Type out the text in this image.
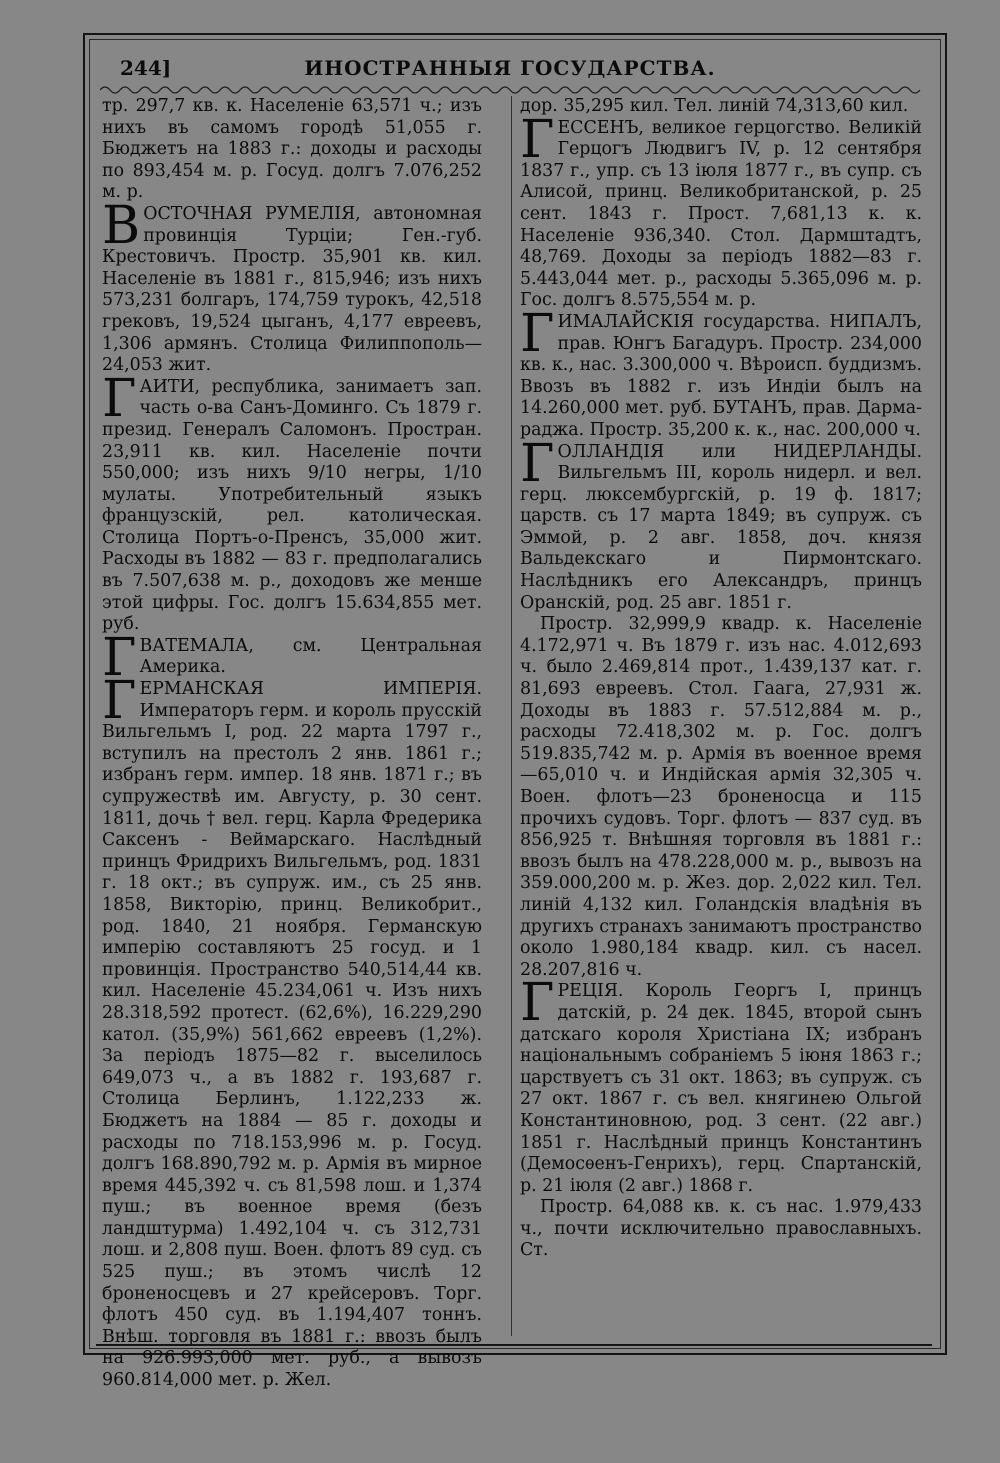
244]	ИНОСТРАННЫЯ ГОСУДАРСТВА.

тр. 297,7 кв. к. Населеніе 63,571 ч.; изъ нихъ въ самомъ городѣ 51,055 г. Бюджетъ на 1883 г.: доходы и расходы по 893,454 м. р. Госуд. долгъ 7.076,252 м. р.

ВОСТОЧНАЯ РУМЕЛІЯ, автономная провинція Турціи; Ген.-губ. Крестовичъ. Простр. 35,901 кв. кил. Населеніе въ 1881 г., 815,946; изъ нихъ 573,231 болгаръ, 174,759 турокъ, 42,518 грековъ, 19,524 цыганъ, 4,177 евреевъ, 1,306 армянъ. Столица Филиппополь—24,053 жит.

ГАИТИ, республика, занимаетъ зап. часть о-ва Санъ-Доминго. Съ 1879 г. презид. Генералъ Саломонъ. Простран. 23,911 кв. кил. Населеніе почти 550,000; изъ нихъ 9/10 негры, 1/10 мулаты. Употребительный языкъ французскій, рел. католическая. Столица Портъ-о-Пренсъ, 35,000 жит. Расходы въ 1882 — 83 г. предполагались въ 7.507,638 м. р., доходовъ же менше этой цифры. Гос. долгъ 15.634,855 мет. руб.

ГВАТЕМАЛА, см. Центральная Америка.

ГЕРМАНСКАЯ ИМПЕРІЯ. Императоръ герм. и король прусскій Вильгельмъ I, род. 22 марта 1797 г., вступилъ на престолъ 2 янв. 1861 г.; избранъ герм. импер. 18 янв. 1871 г.; въ супружествѣ им. Августу, р. 30 сент. 1811, дочь † вел. герц. Карла Фредерика Саксенъ - Веймарскаго. Наслѣдный принцъ Фридрихъ Вильгельмъ, род. 1831 г. 18 окт.; въ супруж. им., съ 25 янв. 1858, Викторію, принц. Великобрит., род. 1840, 21 ноября. Германскую имперію составляютъ 25 госуд. и 1 провинція. Пространство 540,514,44 кв. кил. Населеніе 45.234,061 ч. Изъ нихъ 28.318,592 протест. (62,6%), 16.229,290 катол. (35,9%) 561,662 евреевъ (1,2%). За періодъ 1875—82 г. выселилось 649,073 ч., а въ 1882 г. 193,687 г. Столица Берлинъ, 1.122,233 ж. Бюджетъ на 1884 — 85 г. доходы и расходы по 718.153,996 м. р. Госуд. долгъ 168.890,792 м. р. Армія въ мирное время 445,392 ч. съ 81,598 лош. и 1,374 пуш.; въ военное время (безъ ландштурма) 1.492,104 ч. съ 312,731 лош. и 2,808 пуш. Воен. флотъ 89 суд. съ 525 пуш.; въ этомъ числѣ 12 броненосцевъ и 27 крейсеровъ. Торг. флотъ 450 суд. въ 1.194,407 тоннъ. Внѣш. торговля въ 1881 г.: ввозъ былъ на 926.993,000 мет. руб., а вывозъ 960.814,000 мет. р. Жел.

дор. 35,295 кил. Тел. линій 74,313,60 кил.

ГЕССЕНЪ, великое герцогство. Великій Герцогъ Людвигъ IV, р. 12 сентября 1837 г., упр. съ 13 іюля 1877 г., въ супр. съ Алисой, принц. Великобританской, р. 25 сент. 1843 г. Прост. 7,681,13 к. к. Населеніе 936,340. Стол. Дармштадтъ, 48,769. Доходы за періодъ 1882—83 г. 5.443,044 мет. р., расходы 5.365,096 м. р. Гос. долгъ 8.575,554 м. р.

ГИМАЛАЙСКІЯ государства. НИПАЛЪ, прав. Юнгъ Багадуръ. Простр. 234,000 кв. к., нас. 3.300,000 ч. Вѣроисп. буддизмъ. Ввозъ въ 1882 г. изъ Индіи былъ на 14.260,000 мет. руб. БУТАНЪ, прав. Дарма-раджа. Простр. 35,200 к. к., нас. 200,000 ч.

ГОЛЛАНДІЯ или НИДЕРЛАНДЫ. Вильгельмъ III, король нидерл. и вел. герц. люксембургскій, р. 19 ф. 1817; царств. съ 17 марта 1849; въ супруж. съ Эммой, р. 2 авг. 1858, доч. князя Вальдекскаго и Пирмонтскаго. Наслѣдникъ его Александръ, принцъ Оранскій, род. 25 авг. 1851 г.

Простр. 32,999,9 квадр. к. Населеніе 4.172,971 ч. Въ 1879 г. изъ нас. 4.012,693 ч. было 2.469,814 прот., 1.439,137 кат. г. 81,693 евреевъ. Стол. Гаага, 27,931 ж. Доходы въ 1883 г. 57.512,884 м. р., расходы 72.418,302 м. р. Гос. долгъ 519.835,742 м. р. Армія въ военное время—65,010 ч. и Индійская армія 32,305 ч. Воен. флотъ—23 броненосца и 115 прочихъ судовъ. Торг. флотъ — 837 суд. въ 856,925 т. Внѣшняя торговля въ 1881 г.: ввозъ былъ на 478.228,000 м. р., вывозъ на 359.000,200 м. р. Жез. дор. 2,022 кил. Тел. линій 4,132 кил. Голандскія владѣнія въ другихъ странахъ занимаютъ пространство около 1.980,184 квадр. кил. съ насел. 28.207,816 ч.

ГРЕЦІЯ. Король Георгъ I, принцъ датскій, р. 24 дек. 1845, второй сынъ датскаго короля Христіана IX; избранъ національнымъ собраніемъ 5 іюня 1863 г.; царствуетъ съ 31 окт. 1863; въ супруж. съ 27 окт. 1867 г. съ вел. княгинею Ольгой Константиновною, род. 3 сент. (22 авг.) 1851 г. Наслѣдный принцъ Константинъ (Демосѳенъ-Генрихъ), герц. Спартанскій, р. 21 іюля (2 авг.) 1868 г.

Простр. 64,088 кв. к. съ нас. 1.979,433 ч., почти исключительно православныхъ. Ст.
